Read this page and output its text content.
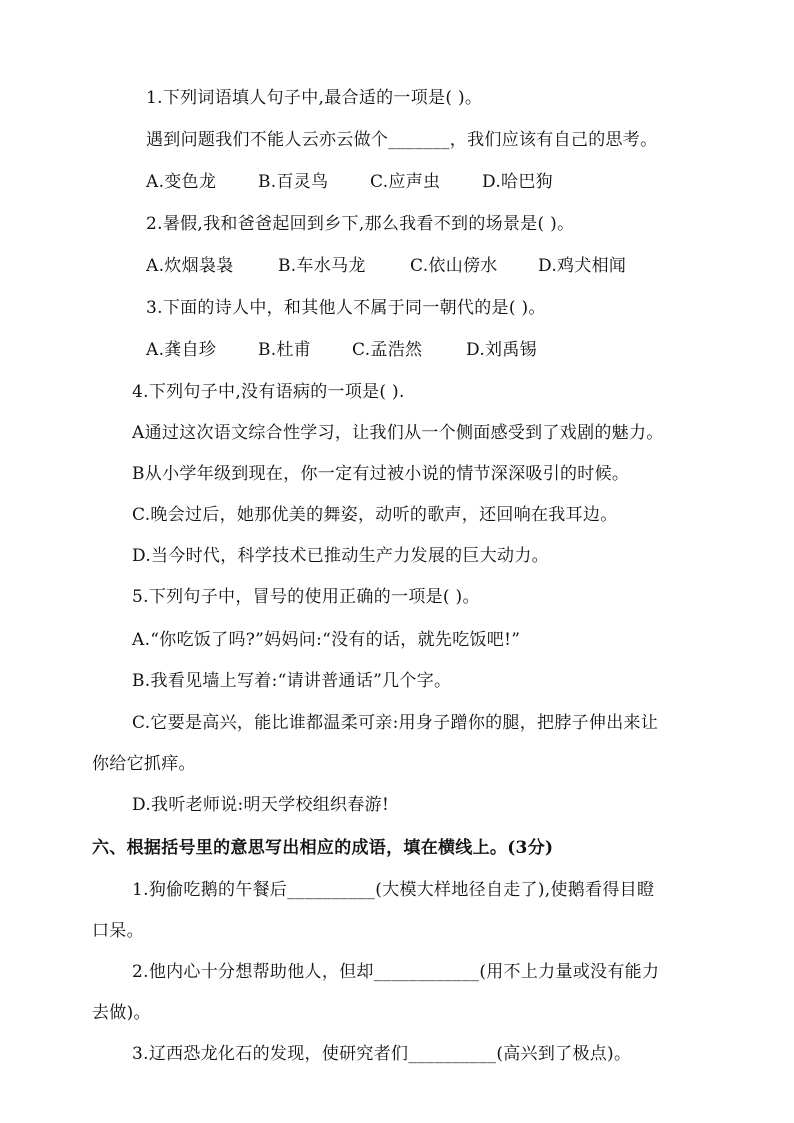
1.下列词语填人句子中,最合适的一项是( )。
遇到问题我们不能人云亦云做个_______，我们应该有自己的思考。
A.变色龙 B.百灵鸟 C.应声虫 D.哈巴狗
2.暑假,我和爸爸起回到乡下,那么我看不到的场景是( )。
A.炊烟袅袅	B.车水马龙	C.依山傍水 D.鸡犬相闻
3.下面的诗人中，和其他人不属于同一朝代的是( )。
A.龚自珍 B.杜甫 C.孟浩然	D.刘禹锡
4.下列句子中,没有语病的一项是( ).
A通过这次语文综合性学习，让我们从一个侧面感受到了戏剧的魅力。
B从小学年级到现在，你一定有过被小说的情节深深吸引的时候。
C.晚会过后，她那优美的舞姿，动听的歌声，还回响在我耳边。
D.当今时代，科学技术已推动生产力发展的巨大动力。
5.下列句子中，冒号的使用正确的一项是( )。
A.“你吃饭了吗?”妈妈问:“没有的话，就先吃饭吧!”
B.我看见墙上写着:“请讲普通话”几个字。
C.它要是高兴，能比谁都温柔可亲:用身子蹭你的腿，把脖子伸出来让
你给它抓痒。
D.我听老师说:明天学校组织春游!
六、根据括号里的意思写出相应的成语，填在横线上。(3分)
1.狗偷吃鹅的午餐后__________(大模大样地径自走了),使鹅看得目瞪
口呆。
2.他内心十分想帮助他人，但却____________(用不上力量或没有能力
去做)。
3.辽西恐龙化石的发现，使研究者们__________(高兴到了极点)。
